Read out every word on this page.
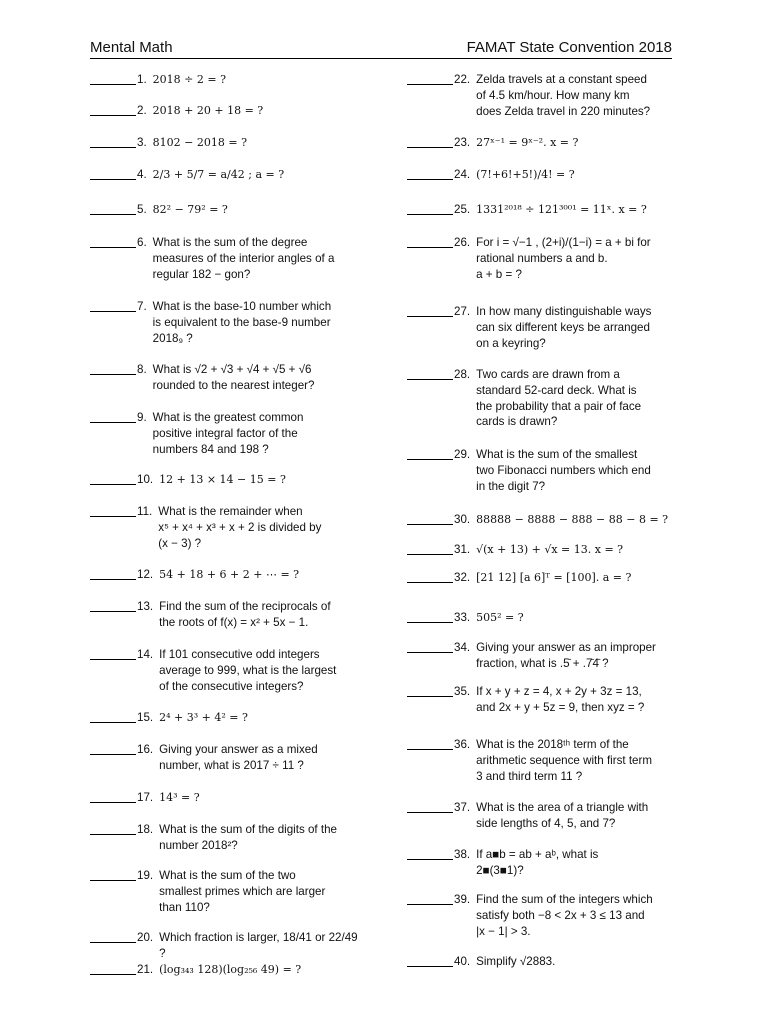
Mental Math	FAMAT State Convention 2018
1. 2018 ÷ 2 = ?
2. 2018 + 20 + 18 = ?
3. 8102 − 2018 = ?
4. 2/3 + 5/7 = a/42 ; a = ?
5. 82² − 79² = ?
6. What is the sum of the degree
measures of the interior angles of a
regular 182 − gon?
7. What is the base-10 number which
is equivalent to the base-9 number
2018₉ ?
8. What is √2 + √3 + √4 + √5 + √6
rounded to the nearest integer?
9. What is the greatest common
positive integral factor of the
numbers 84 and 198 ?
10. 12 + 13 × 14 − 15 = ?
11. What is the remainder when
x⁵ + x⁴ + x³ + x + 2 is divided by
(x − 3) ?
12. 54 + 18 + 6 + 2 + ⋯ = ?
13. Find the sum of the reciprocals of
the roots of f(x) = x² + 5x − 1.
14. If 101 consecutive odd integers
average to 999, what is the largest
of the consecutive integers?
15. 2⁴ + 3³ + 4² = ?
16. Giving your answer as a mixed
number, what is 2017 ÷ 11 ?
17. 14³ = ?
18. What is the sum of the digits of the
number 2018²?
19. What is the sum of the two
smallest primes which are larger
than 110?
20. Which fraction is larger, 18/41 or 22/49 ?
21. (log₃₄₃ 128)(log₂₅₆ 49) = ?
22. Zelda travels at a constant speed
of 4.5 km/hour. How many km
does Zelda travel in 220 minutes?
23. 27ˣ⁻¹ = 9ˣ⁻². x = ?
24. (7!+6!+5!)/4! = ?
25. 1331²⁰¹⁸ ÷ 121³⁰⁰¹ = 11ˣ. x = ?
26. For i = √−1 , (2+i)/(1−i) = a + bi for
rational numbers a and b.
a + b = ?
27. In how many distinguishable ways
can six different keys be arranged
on a keyring?
28. Two cards are drawn from a
standard 52-card deck. What is
the probability that a pair of face
cards is drawn?
29. What is the sum of the smallest
two Fibonacci numbers which end
in the digit 7?
30. 88888 − 8888 − 888 − 88 − 8 = ?
31. √(x + 13) + √x = 13. x = ?
32. [21 12] [a 6]ᵀ = [100]. a = ?
33. 505² = ?
34. Giving your answer as an improper
fraction, what is .5̄ + .7̄4̄ ?
35. If x + y + z = 4, x + 2y + 3z = 13,
and 2x + y + 5z = 9, then xyz = ?
36. What is the 2018ᵗʰ term of the
arithmetic sequence with first term
3 and third term 11 ?
37. What is the area of a triangle with
side lengths of 4, 5, and 7?
38. If a■b = ab + aᵇ, what is
2■(3■1)?
39. Find the sum of the integers which
satisfy both −8 < 2x + 3 ≤ 13 and
|x − 1| > 3.
40. Simplify √2883.
